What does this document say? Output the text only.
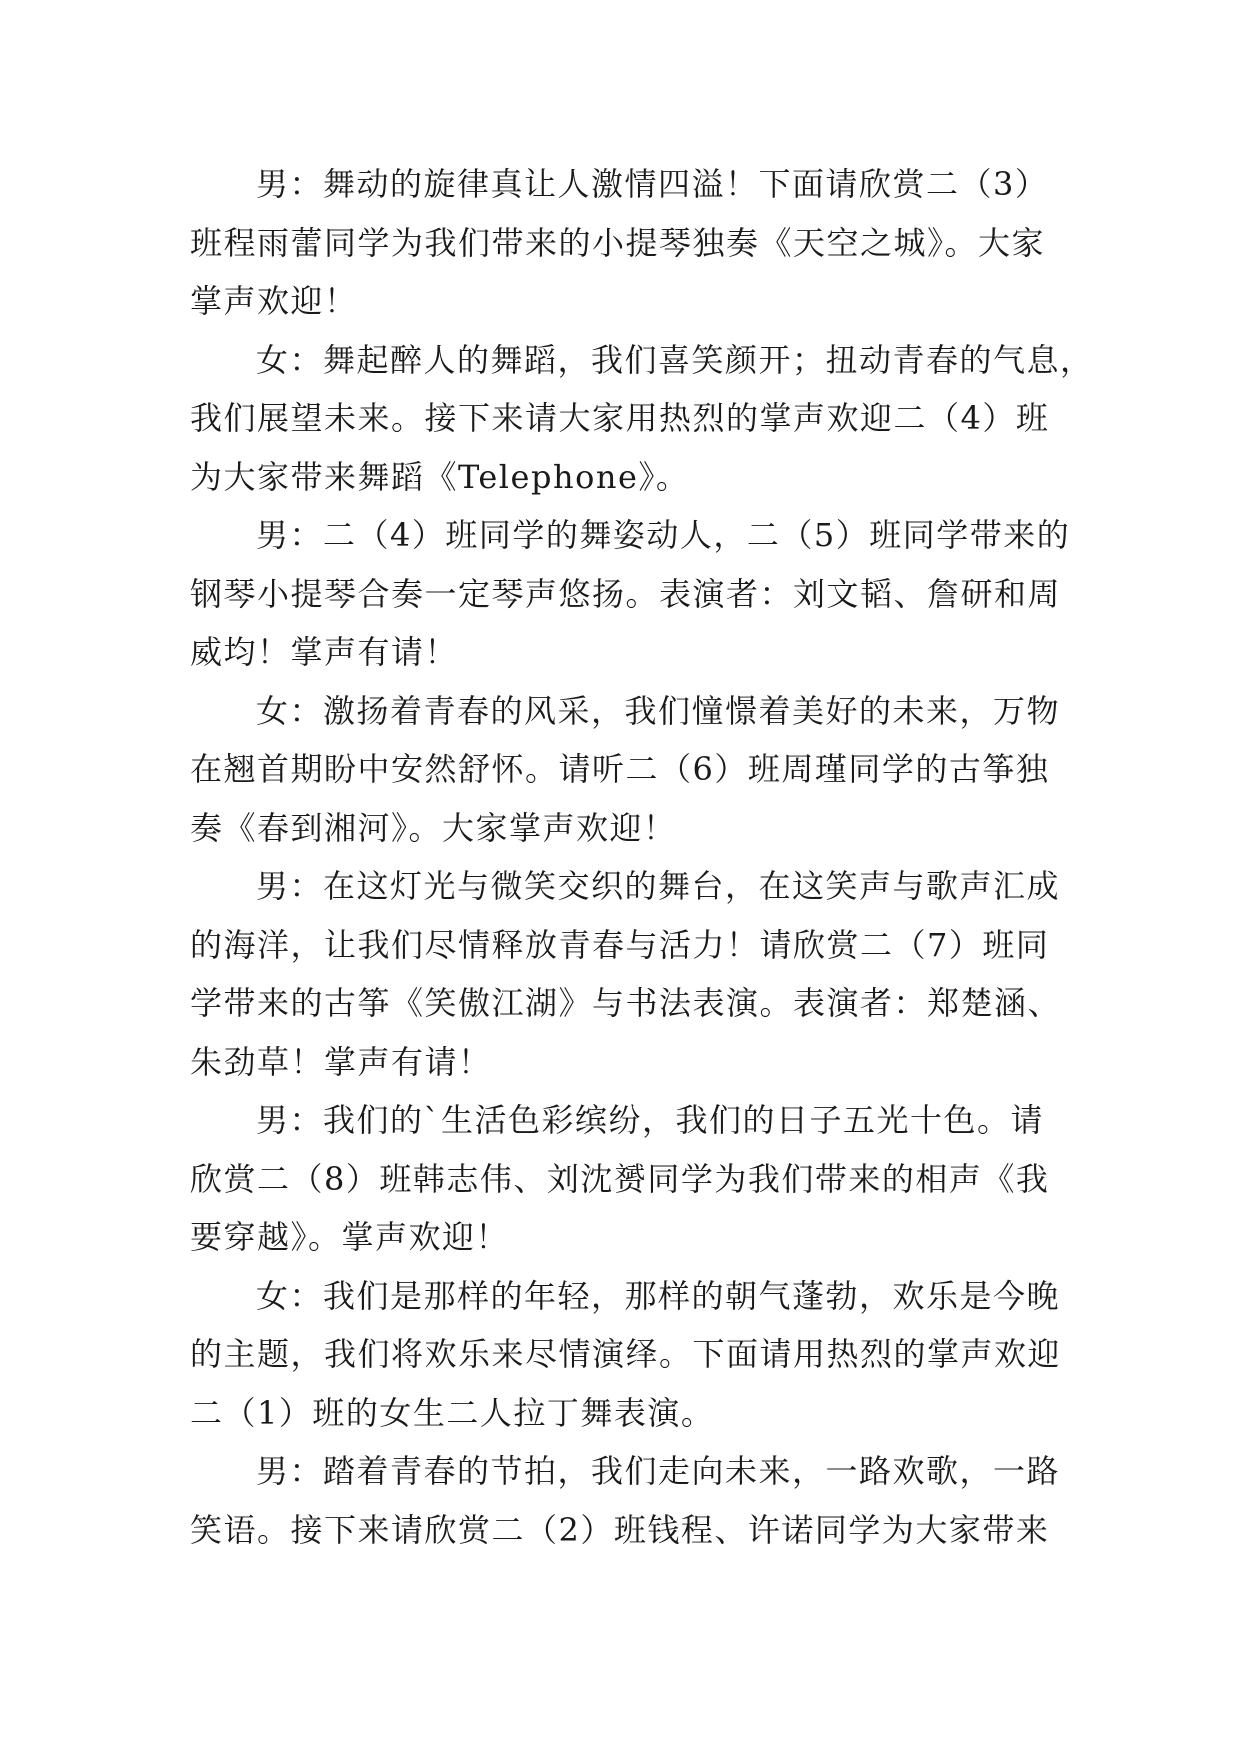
男：舞动的旋律真让人激情四溢！下面请欣赏二（3）
班程雨蕾同学为我们带来的小提琴独奏《天空之城》。大家
掌声欢迎！
女：舞起醉人的舞蹈，我们喜笑颜开；扭动青春的气息，
我们展望未来。接下来请大家用热烈的掌声欢迎二（4）班
为大家带来舞蹈《Telephone》。
男：二（4）班同学的舞姿动人，二（5）班同学带来的
钢琴小提琴合奏一定琴声悠扬。表演者：刘文韬、詹研和周
威均！掌声有请！
女：激扬着青春的风采，我们憧憬着美好的未来，万物
在翘首期盼中安然舒怀。请听二（6）班周瑾同学的古筝独
奏《春到湘河》。大家掌声欢迎！
男：在这灯光与微笑交织的舞台，在这笑声与歌声汇成
的海洋，让我们尽情释放青春与活力！请欣赏二（7）班同
学带来的古筝《笑傲江湖》与书法表演。表演者：郑楚涵、
朱劲草！掌声有请！
男：我们的`生活色彩缤纷，我们的日子五光十色。请
欣赏二（8）班韩志伟、刘沈赟同学为我们带来的相声《我
要穿越》。掌声欢迎！
女：我们是那样的年轻，那样的朝气蓬勃，欢乐是今晚
的主题，我们将欢乐来尽情演绎。下面请用热烈的掌声欢迎
二（1）班的女生二人拉丁舞表演。
男：踏着青春的节拍，我们走向未来，一路欢歌，一路
笑语。接下来请欣赏二（2）班钱程、许诺同学为大家带来
